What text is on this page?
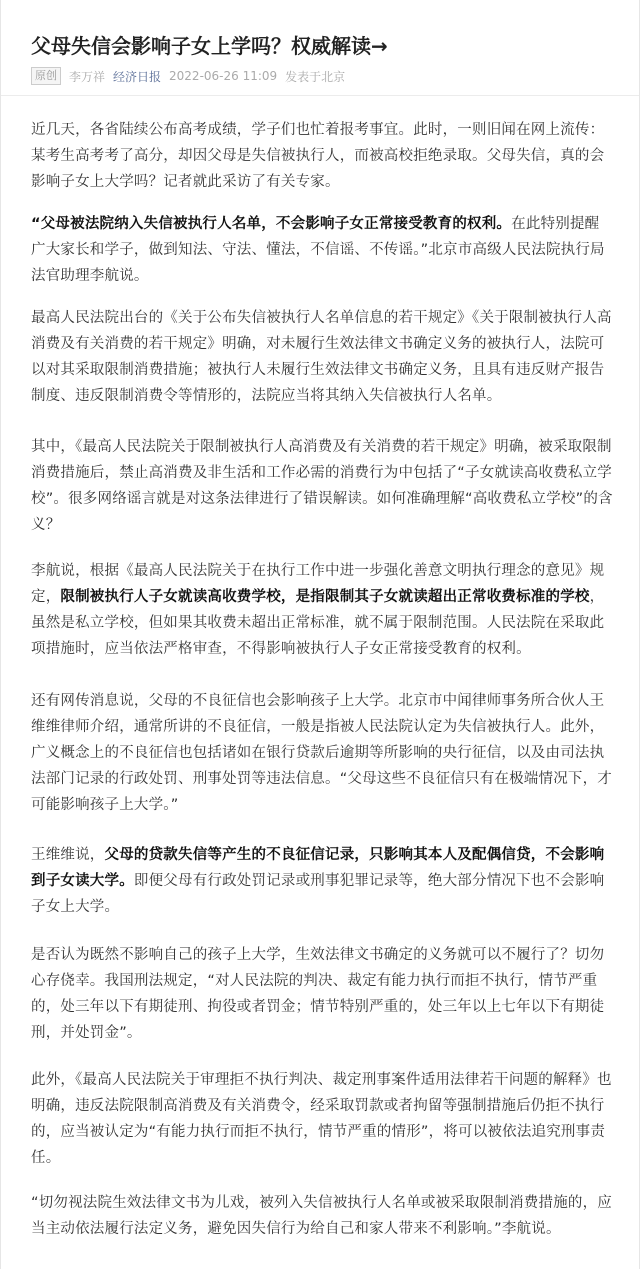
父母失信会影响子女上学吗？权威解读→
原创	李万祥 经济日报 2022-06-26 11:09 发表于北京

近几天，各省陆续公布高考成绩，学子们也忙着报考事宜。此时，一则旧闻在网上流传：某考生高考考了高分，却因父母是失信被执行人，而被高校拒绝录取。父母失信，真的会影响子女上大学吗？记者就此采访了有关专家。

“父母被法院纳入失信被执行人名单，不会影响子女正常接受教育的权利。在此特别提醒广大家长和学子，做到知法、守法、懂法，不信谣、不传谣。”北京市高级人民法院执行局法官助理李航说。

最高人民法院出台的《关于公布失信被执行人名单信息的若干规定》《关于限制被执行人高消费及有关消费的若干规定》明确，对未履行生效法律文书确定义务的被执行人，法院可以对其采取限制消费措施；被执行人未履行生效法律文书确定义务，且具有违反财产报告制度、违反限制消费令等情形的，法院应当将其纳入失信被执行人名单。

其中，《最高人民法院关于限制被执行人高消费及有关消费的若干规定》明确，被采取限制消费措施后，禁止高消费及非生活和工作必需的消费行为中包括了“子女就读高收费私立学校”。很多网络谣言就是对这条法律进行了错误解读。如何准确理解“高收费私立学校”的含义？

李航说，根据《最高人民法院关于在执行工作中进一步强化善意文明执行理念的意见》规定，限制被执行人子女就读高收费学校，是指限制其子女就读超出正常收费标准的学校，虽然是私立学校，但如果其收费未超出正常标准，就不属于限制范围。人民法院在采取此项措施时，应当依法严格审查，不得影响被执行人子女正常接受教育的权利。

还有网传消息说，父母的不良征信也会影响孩子上大学。北京市中闻律师事务所合伙人王维维律师介绍，通常所讲的不良征信，一般是指被人民法院认定为失信被执行人。此外，广义概念上的不良征信也包括诸如在银行贷款后逾期等所影响的央行征信，以及由司法执法部门记录的行政处罚、刑事处罚等违法信息。“父母这些不良征信只有在极端情况下，才可能影响孩子上大学。”

王维维说，父母的贷款失信等产生的不良征信记录，只影响其本人及配偶信贷，不会影响到子女读大学。即便父母有行政处罚记录或刑事犯罪记录等，绝大部分情况下也不会影响子女上大学。

是否认为既然不影响自己的孩子上大学，生效法律文书确定的义务就可以不履行了？切勿心存侥幸。我国刑法规定，“对人民法院的判决、裁定有能力执行而拒不执行，情节严重的，处三年以下有期徒刑、拘役或者罚金；情节特别严重的，处三年以上七年以下有期徒刑，并处罚金”。

此外，《最高人民法院关于审理拒不执行判决、裁定刑事案件适用法律若干问题的解释》也明确，违反法院限制高消费及有关消费令，经采取罚款或者拘留等强制措施后仍拒不执行的，应当被认定为“有能力执行而拒不执行，情节严重的情形”，将可以被依法追究刑事责任。

“切勿视法院生效法律文书为儿戏，被列入失信被执行人名单或被采取限制消费措施的，应当主动依法履行法定义务，避免因失信行为给自己和家人带来不利影响。”李航说。
